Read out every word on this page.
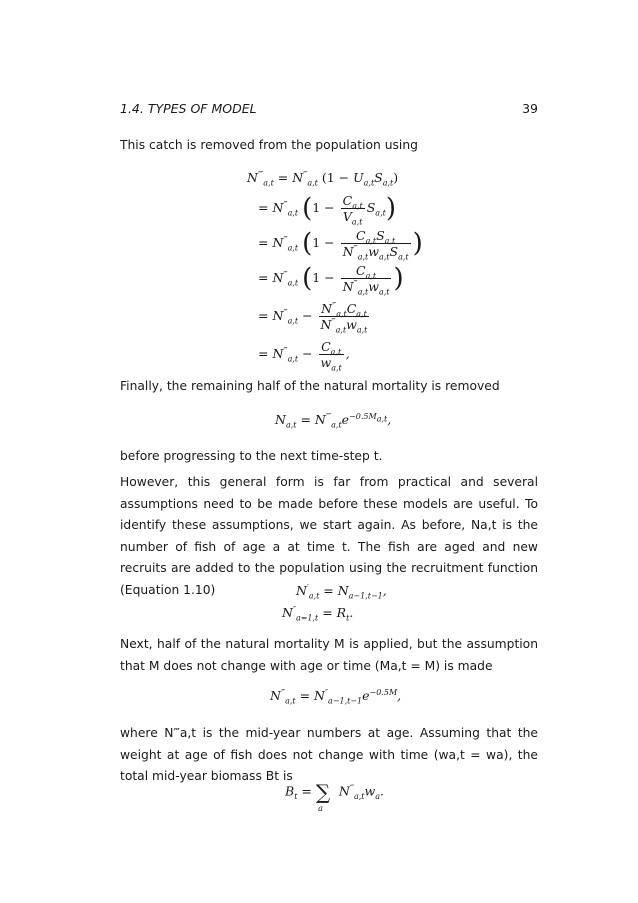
1.4. TYPES OF MODEL	39
This catch is removed from the population using
$N^⁗_{a,t} = N^‴_{a,t}$ $(1 - U_{a,t}S_{a,t})$
= $N^‴_{a,t}$ $(1 - \frac{C_{a,t}}{V_{a,t}} S_{a,t})$
= $N^‴_{a,t}$ ($1 - \frac{C_{a,t}S_{a,t}}{N^‴_{a,t}w_{a,t}S_{a,t}}$ )
= $N^‴_{a,t}$ ($1 - \frac{C_{a,t}}{N^‴_{a,t}w_{a,t}}$ )
= $N^‴_{a,t} - \frac{N^‴_{a,t}C_{a,t}}{N^‴_{a,t}w_{a,t}}$
= $N^‴_{a,t} - \frac{C_{a,t}}{w_{a,t}}$ ,
Finally, the remaining half of the natural mortality is removed
$N_{a,t} = N^⁗_{a,t}e^{-0.5M_{a,t}}$,
before progressing to the next time-step t.
However, this general form is far from practical and several assumptions need to be made before these models are useful. To identify these assumptions, we start again. As before, Na,t is the number of fish of age a at time t. The fish are aged and new recruits are added to the population using the recruitment function (Equation 1.10)	$N'_{a,t} = N_{a-1,t-1}$,
$N''_{a=1,t} = R_t$.
Next, half of the natural mortality M is applied, but the assumption that M does not change with age or time (Ma,t = M) is made
$N^‴_{a,t} = N''_{a-1,t-1}e^{-0.5M}$,
where N‴a,t is the mid-year numbers at age. Assuming that the weight at age of fish does not change with time (wa,t = wa), the total mid-year biomass Bt is
$B_t = \sum_a$ $N^‴_{a,t}w_a$.
